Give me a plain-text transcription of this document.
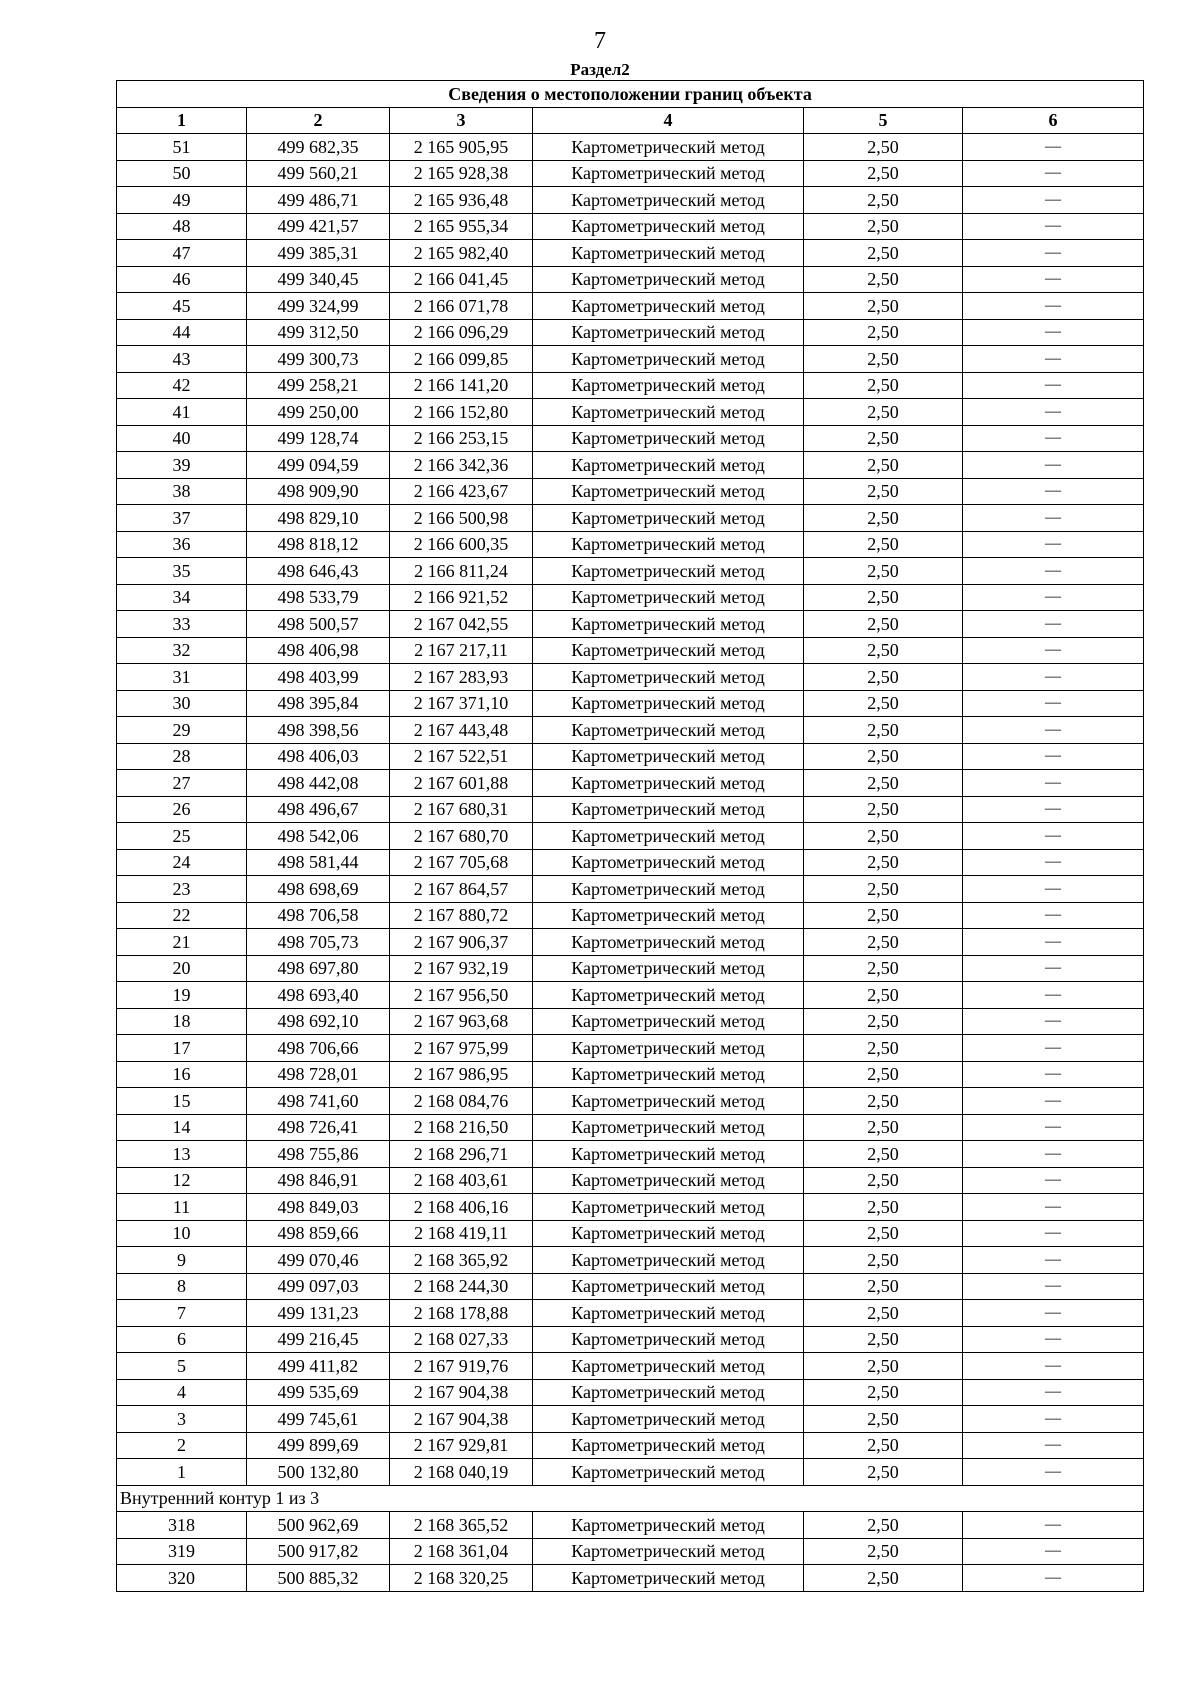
7
Раздел2
Сведения о местоположении границ объекта					
1	2	3	4	5	6
51	499 682,35	2 165 905,95	Картометрический метод	2,50	—
50	499 560,21	2 165 928,38	Картометрический метод	2,50	—
49	499 486,71	2 165 936,48	Картометрический метод	2,50	—
48	499 421,57	2 165 955,34	Картометрический метод	2,50	—
47	499 385,31	2 165 982,40	Картометрический метод	2,50	—
46	499 340,45	2 166 041,45	Картометрический метод	2,50	—
45	499 324,99	2 166 071,78	Картометрический метод	2,50	—
44	499 312,50	2 166 096,29	Картометрический метод	2,50	—
43	499 300,73	2 166 099,85	Картометрический метод	2,50	—
42	499 258,21	2 166 141,20	Картометрический метод	2,50	—
41	499 250,00	2 166 152,80	Картометрический метод	2,50	—
40	499 128,74	2 166 253,15	Картометрический метод	2,50	—
39	499 094,59	2 166 342,36	Картометрический метод	2,50	—
38	498 909,90	2 166 423,67	Картометрический метод	2,50	—
37	498 829,10	2 166 500,98	Картометрический метод	2,50	—
36	498 818,12	2 166 600,35	Картометрический метод	2,50	—
35	498 646,43	2 166 811,24	Картометрический метод	2,50	—
34	498 533,79	2 166 921,52	Картометрический метод	2,50	—
33	498 500,57	2 167 042,55	Картометрический метод	2,50	—
32	498 406,98	2 167 217,11	Картометрический метод	2,50	—
31	498 403,99	2 167 283,93	Картометрический метод	2,50	—
30	498 395,84	2 167 371,10	Картометрический метод	2,50	—
29	498 398,56	2 167 443,48	Картометрический метод	2,50	—
28	498 406,03	2 167 522,51	Картометрический метод	2,50	—
27	498 442,08	2 167 601,88	Картометрический метод	2,50	—
26	498 496,67	2 167 680,31	Картометрический метод	2,50	—
25	498 542,06	2 167 680,70	Картометрический метод	2,50	—
24	498 581,44	2 167 705,68	Картометрический метод	2,50	—
23	498 698,69	2 167 864,57	Картометрический метод	2,50	—
22	498 706,58	2 167 880,72	Картометрический метод	2,50	—
21	498 705,73	2 167 906,37	Картометрический метод	2,50	—
20	498 697,80	2 167 932,19	Картометрический метод	2,50	—
19	498 693,40	2 167 956,50	Картометрический метод	2,50	—
18	498 692,10	2 167 963,68	Картометрический метод	2,50	—
17	498 706,66	2 167 975,99	Картометрический метод	2,50	—
16	498 728,01	2 167 986,95	Картометрический метод	2,50	—
15	498 741,60	2 168 084,76	Картометрический метод	2,50	—
14	498 726,41	2 168 216,50	Картометрический метод	2,50	—
13	498 755,86	2 168 296,71	Картометрический метод	2,50	—
12	498 846,91	2 168 403,61	Картометрический метод	2,50	—
11	498 849,03	2 168 406,16	Картометрический метод	2,50	—
10	498 859,66	2 168 419,11	Картометрический метод	2,50	—
9	499 070,46	2 168 365,92	Картометрический метод	2,50	—
8	499 097,03	2 168 244,30	Картометрический метод	2,50	—
7	499 131,23	2 168 178,88	Картометрический метод	2,50	—
6	499 216,45	2 168 027,33	Картометрический метод	2,50	—
5	499 411,82	2 167 919,76	Картометрический метод	2,50	—
4	499 535,69	2 167 904,38	Картометрический метод	2,50	—
3	499 745,61	2 167 904,38	Картометрический метод	2,50	—
2	499 899,69	2 167 929,81	Картометрический метод	2,50	—
1	500 132,80	2 168 040,19	Картометрический метод	2,50	—
Внутренний контур 1 из 3					
318	500 962,69	2 168 365,52	Картометрический метод	2,50	—
319	500 917,82	2 168 361,04	Картометрический метод	2,50	—
320	500 885,32	2 168 320,25	Картометрический метод	2,50	—
